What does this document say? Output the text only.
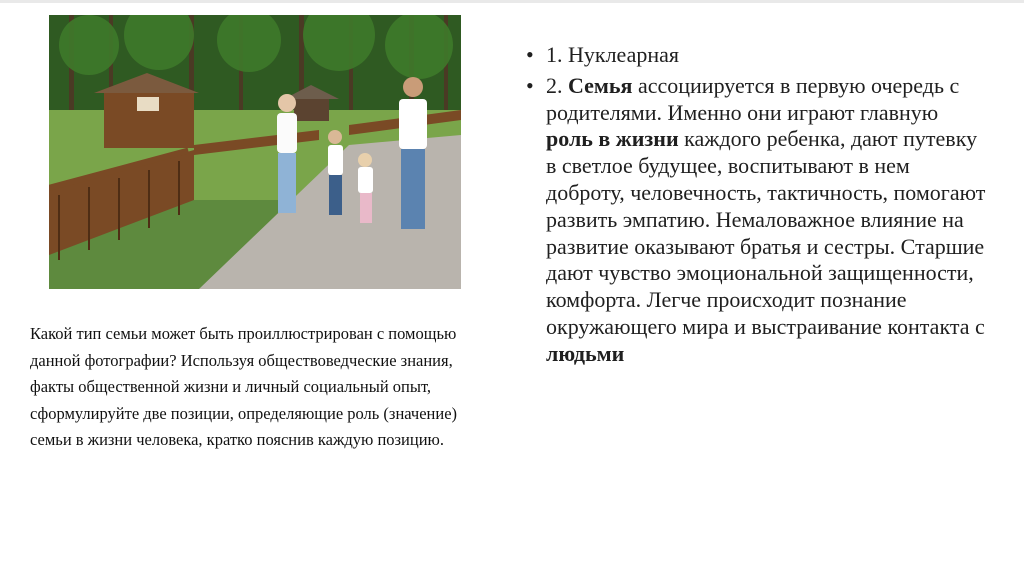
Какой тип семьи может быть проиллюстрирован с помощью данной фотографии? Используя обществоведческие знания, факты общественной жизни и личный социальный опыт, сформулируйте две позиции, определяющие роль (значение) семьи в жизни человека, кратко пояснив каждую позицию.
• 1. Нуклеарная
• 2. Семья ассоциируется в первую очередь с родителями. Именно они играют главную роль в жизни каждого ребенка, дают путевку в светлое будущее, воспитывают в нем доброту, человечность, тактичность, помогают развить эмпатию. Немаловажное влияние на развитие оказывают братья и сестры. Старшие дают чувство эмоциональной защищенности, комфорта. Легче происходит познание окружающего мира и выстраивание контакта с людьми
